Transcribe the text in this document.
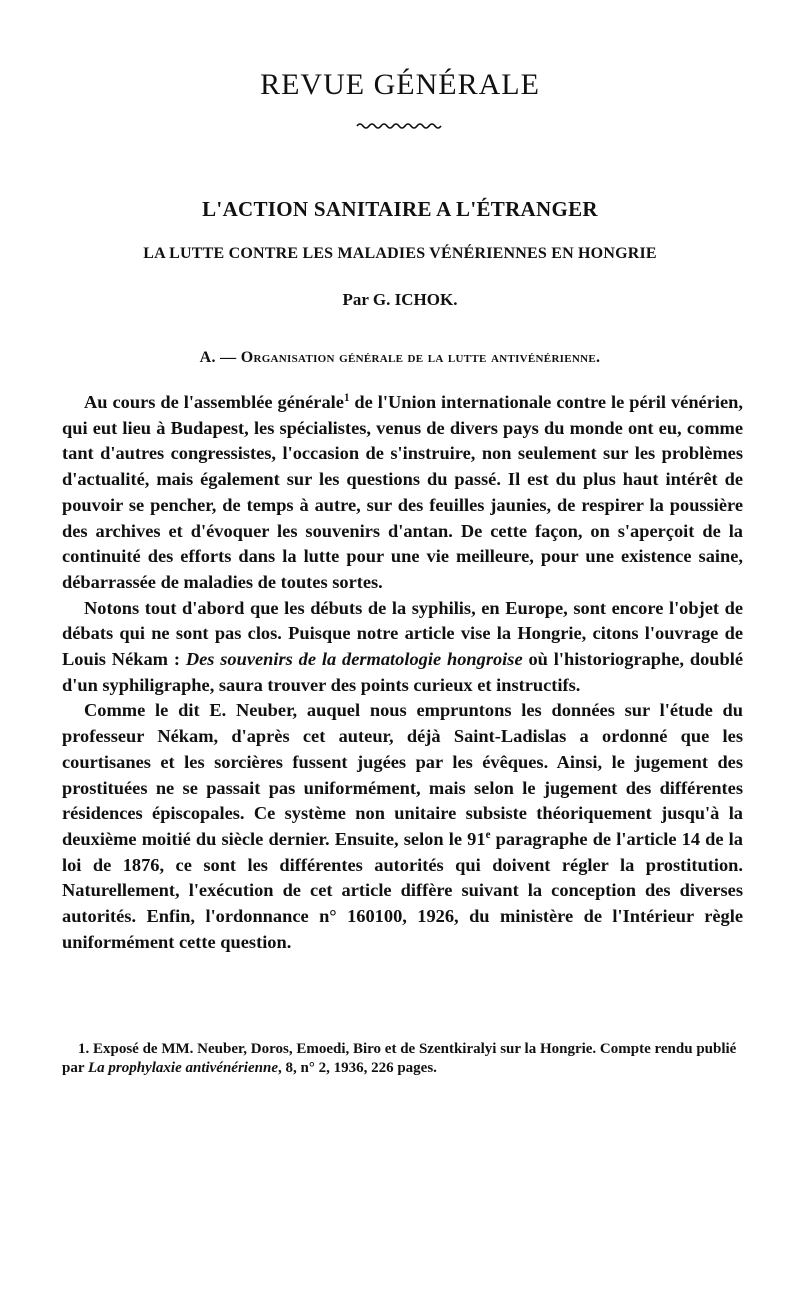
REVUE GÉNÉRALE
L'ACTION SANITAIRE A L'ÉTRANGER
LA LUTTE CONTRE LES MALADIES VÉNÉRIENNES EN HONGRIE
Par G. ICHOK.
A. — Organisation générale de la lutte antivénérienne.

Au cours de l'assemblée générale$^1$ de l'Union internationale contre le péril vénérien, qui eut lieu à Budapest, les spécialistes, venus de divers pays du monde ont eu, comme tant d'autres congressistes, l'occasion de s'instruire, non seulement sur les problèmes d'actualité, mais également sur les questions du passé. Il est du plus haut intérêt de pouvoir se pencher, de temps à autre, sur des feuilles jaunies, de respirer la poussière des archives et d'évoquer les souvenirs d'antan. De cette façon, on s'aperçoit de la continuité des efforts dans la lutte pour une vie meilleure, pour une existence saine, débarrassée de maladies de toutes sortes.

Notons tout d'abord que les débuts de la syphilis, en Europe, sont encore l'objet de débats qui ne sont pas clos. Puisque notre article vise la Hongrie, citons l'ouvrage de Louis Nékam : Des souvenirs de la dermatologie hongroise où l'historiographe, doublé d'un syphiligraphe, saura trouver des points curieux et instructifs.

Comme le dit E. Neuber, auquel nous empruntons les données sur l'étude du professeur Nékam, d'après cet auteur, déjà Saint-Ladislas a ordonné que les courtisanes et les sorcières fussent jugées par les évêques. Ainsi, le jugement des prostituées ne se passait pas uniformément, mais selon le jugement des différentes résidences épiscopales. Ce système non unitaire subsiste théoriquement jusqu'à la deuxième moitié du siècle dernier. Ensuite, selon le 91e paragraphe de l'article 14 de la loi de 1876, ce sont les différentes autorités qui doivent régler la prostitution. Naturellement, l'exécution de cet article diffère suivant la conception des diverses autorités. Enfin, l'ordonnance n° 160100, 1926, du ministère de l'Intérieur règle uniformément cette question.

1. Exposé de MM. Neuber, Doros, Emoedi, Biro et de Szentkiralyi sur la Hongrie. Compte rendu publié par La prophylaxie antivénérienne, 8, n° 2, 1936, 226 pages.
